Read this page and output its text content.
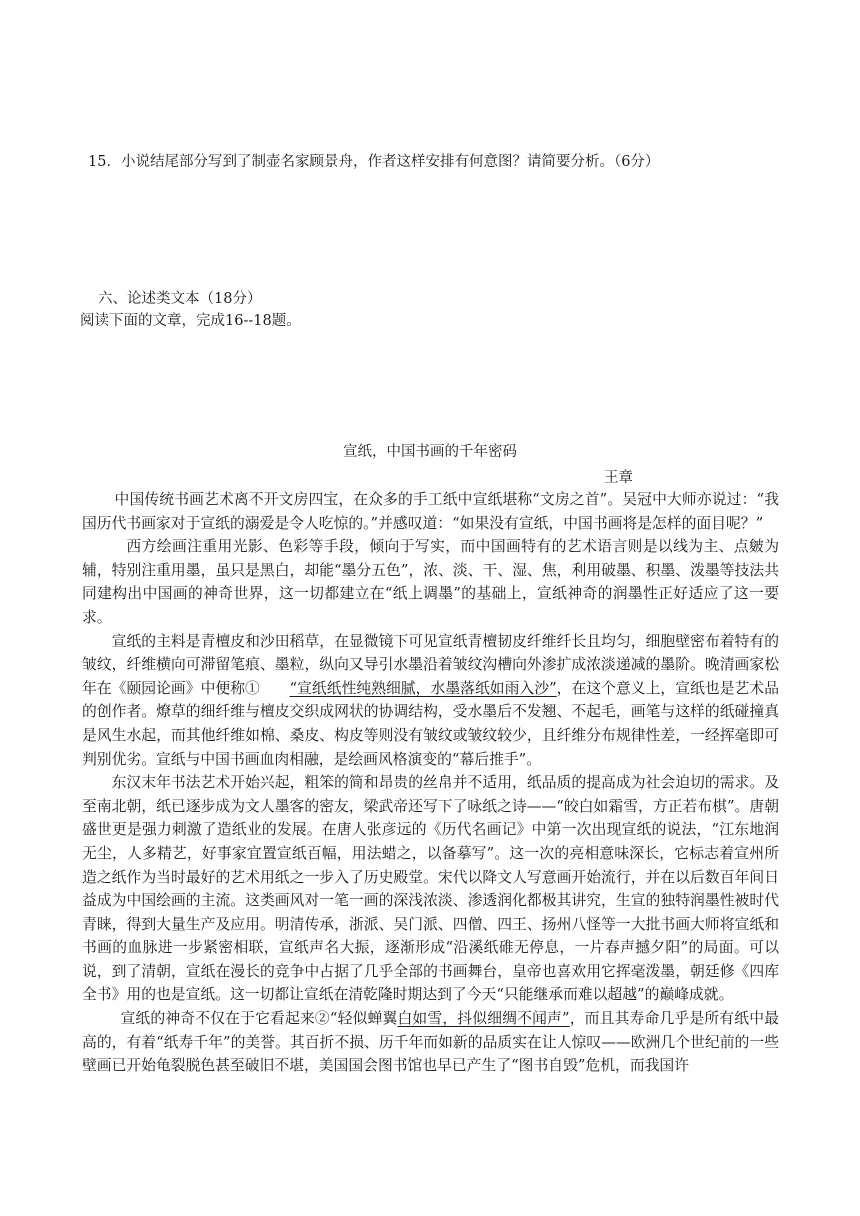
15．小说结尾部分写到了制壶名家顾景舟，作者这样安排有何意图？请简要分析。（6分）
六、论述类文本（18分）
阅读下面的文章，完成16--18题。
宣纸，中国书画的千年密码
王章

中国传统书画艺术离不开文房四宝，在众多的手工纸中宣纸堪称“文房之首”。吴冠中大师亦说过：“我国历代书画家对于宣纸的溺爱是令人吃惊的。”并感叹道：“如果没有宣纸，中国书画将是怎样的面目呢？”

西方绘画注重用光影、色彩等手段，倾向于写实，而中国画特有的艺术语言则是以线为主、点皴为辅，特别注重用墨，虽只是黑白，却能“墨分五色”，浓、淡、干、湿、焦，利用破墨、积墨、泼墨等技法共同建构出中国画的神奇世界，这一切都建立在“纸上调墨”的基础上，宣纸神奇的润墨性正好适应了这一要求。

宣纸的主料是青檀皮和沙田稻草，在显微镜下可见宣纸青檀韧皮纤维纤长且均匀，细胞壁密布着特有的皱纹，纤维横向可滞留笔痕、墨粒，纵向又导引水墨沿着皱纹沟槽向外渗扩成浓淡递减的墨阶。晚清画家松年在《颐园论画》中便称①　　“宣纸纸性纯熟细腻，水墨落纸如雨入沙”，在这个意义上，宣纸也是艺术品的创作者。燎草的细纤维与檀皮交织成网状的协调结构，受水墨后不发翘、不起毛，画笔与这样的纸碰撞真是风生水起，而其他纤维如棉、桑皮、构皮等则没有皱纹或皱纹较少，且纤维分布规律性差，一经挥毫即可判别优劣。宣纸与中国书画血肉相融，是绘画风格演变的“幕后推手”。

东汉末年书法艺术开始兴起，粗笨的简和昂贵的丝帛并不适用，纸品质的提高成为社会迫切的需求。及至南北朝，纸已逐步成为文人墨客的密友，梁武帝还写下了咏纸之诗——“皎白如霜雪，方正若布棋”。唐朝盛世更是强力刺激了造纸业的发展。在唐人张彦远的《历代名画记》中第一次出现宣纸的说法，“江东地润无尘，人多精艺，好事家宜置宣纸百幅，用法蜡之，以备摹写”。这一次的亮相意味深长，它标志着宣州所造之纸作为当时最好的艺术用纸之一步入了历史殿堂。宋代以降文人写意画开始流行，并在以后数百年间日益成为中国绘画的主流。这类画风对一笔一画的深浅浓淡、渗透润化都极其讲究，生宣的独特润墨性被时代青睐，得到大量生产及应用。明清传承，浙派、吴门派、四僧、四王、扬州八怪等一大批书画大师将宣纸和书画的血脉进一步紧密相联，宣纸声名大振，逐渐形成“沿溪纸碓无停息，一片春声撼夕阳”的局面。可以说，到了清朝，宣纸在漫长的竞争中占据了几乎全部的书画舞台，皇帝也喜欢用它挥毫泼墨，朝廷修《四库全书》用的也是宣纸。这一切都让宣纸在清乾隆时期达到了今天“只能继承而难以超越”的巅峰成就。

宣纸的神奇不仅在于它看起来②“轻似蝉翼白如雪，抖似细绸不闻声”，而且其寿命几乎是所有纸中最高的，有着“纸寿千年”的美誉。其百折不损、历千年而如新的品质实在让人惊叹——欧洲几个世纪前的一些壁画已开始龟裂脱色甚至破旧不堪，美国国会图书馆也早已产生了“图书自毁”危机，而我国许
